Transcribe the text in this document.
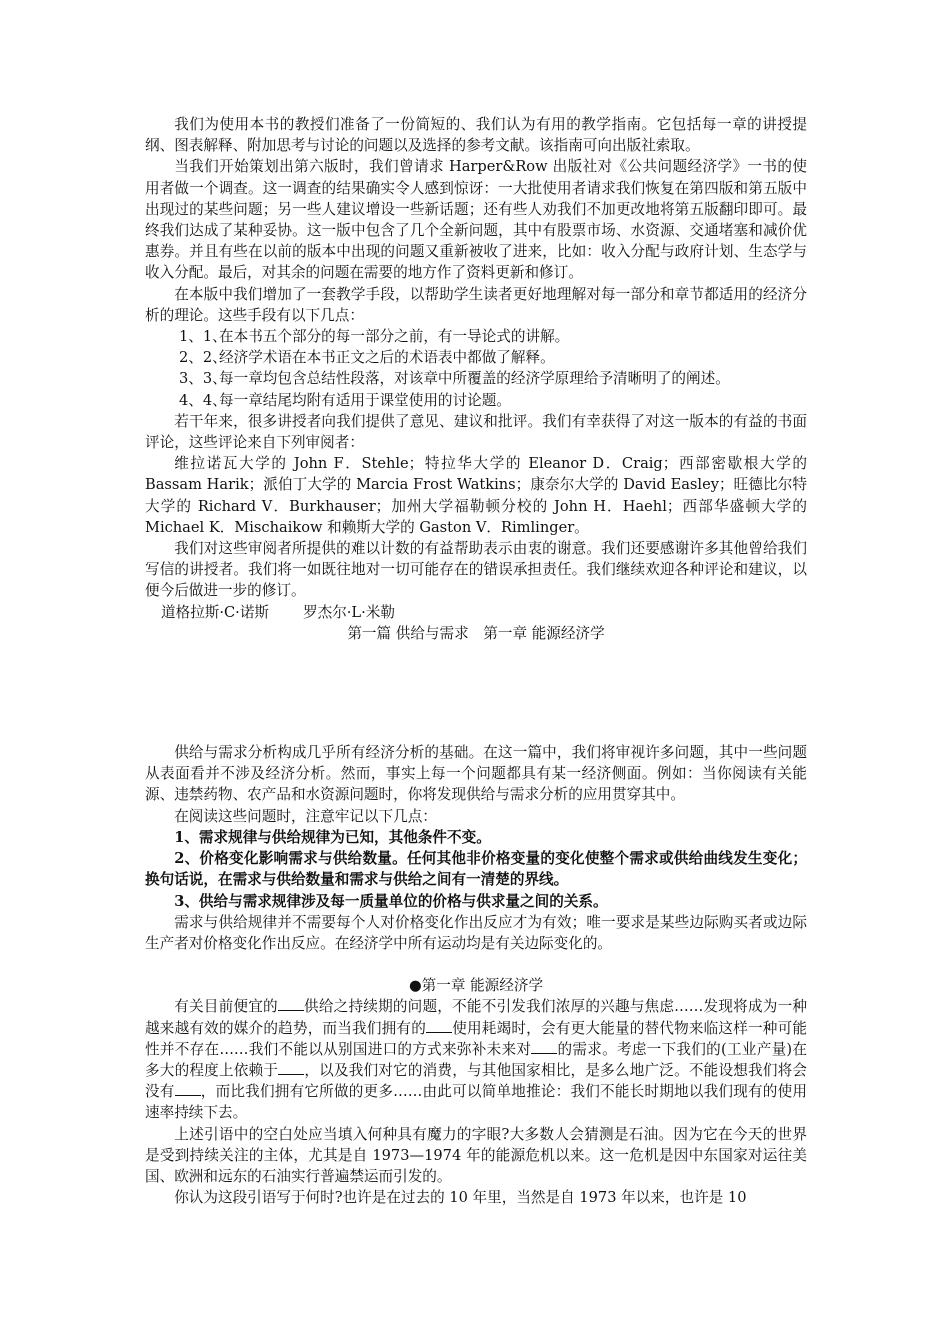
我们为使用本书的教授们准备了一份简短的、我们认为有用的教学指南。它包括每一章的讲授提纲、图表解释、附加思考与讨论的问题以及选择的参考文献。该指南可向出版社索取。

当我们开始策划出第六版时，我们曾请求 Harper&Row 出版社对《公共问题经济学》一书的使用者做一个调查。这一调查的结果确实令人感到惊讶：一大批使用者请求我们恢复在第四版和第五版中出现过的某些问题；另一些人建议增设一些新话题；还有些人劝我们不加更改地将第五版翻印即可。最终我们达成了某种妥协。这一版中包含了几个全新问题，其中有股票市场、水资源、交通堵塞和减价优惠券。并且有些在以前的版本中出现的问题又重新被收了进来，比如：收入分配与政府计划、生态学与收入分配。最后，对其余的问题在需要的地方作了资料更新和修订。

在本版中我们增加了一套教学手段，以帮助学生读者更好地理解对每一部分和章节都适用的经济分析的理论。这些手段有以下几点：

1、1、
在本书五个部分的每一部分之前，有一导论式的讲解。
2、2、
经济学术语在本书正文之后的术语表中都做了解释。
3、3、
每一章均包含总结性段落，对该章中所覆盖的经济学原理给予清晰明了的阐述。
4、4、
每一章结尾均附有适用于课堂使用的讨论题。

若干年来，很多讲授者向我们提供了意见、建议和批评。我们有幸获得了对这一版本的有益的书面评论，这些评论来自下列审阅者：

维拉诺瓦大学的 John F．Stehle；特拉华大学的 Eleanor D．Craig；西部密歇根大学的 Bassam Harik；派伯丁大学的 Marcia Frost Watkins；康奈尔大学的 David Easley；旺德比尔特大学的 Richard V．Burkhauser；加州大学福勒顿分校的 John H．Haehl；西部华盛顿大学的 Michael K．Mischaikow 和赖斯大学的 Gaston V．Rimlinger。

我们对这些审阅者所提供的难以计数的有益帮助表示由衷的谢意。我们还要感谢许多其他曾给我们写信的讲授者。我们将一如既往地对一切可能存在的错误承担责任。我们继续欢迎各种评论和建议，以便今后做进一步的修订。

道格拉斯·C·诺斯 罗杰尔·L·米勒

第一篇 供给与需求　第一章 能源经济学

供给与需求分析构成几乎所有经济分析的基础。在这一篇中，我们将审视许多问题，其中一些问题从表面看并不涉及经济分析。然而，事实上每一个问题都具有某一经济侧面。例如：当你阅读有关能源、违禁药物、农产品和水资源问题时，你将发现供给与需求分析的应用贯穿其中。

在阅读这些问题时，注意牢记以下几点：

1、需求规律与供给规律为已知，其他条件不变。

2、价格变化影响需求与供给数量。任何其他非价格变量的变化使整个需求或供给曲线发生变化；换句话说，在需求与供给数量和需求与供给之间有一清楚的界线。

3、供给与需求规律涉及每一质量单位的价格与供求量之间的关系。

需求与供给规律并不需要每个人对价格变化作出反应才为有效；唯一要求是某些边际购买者或边际生产者对价格变化作出反应。在经济学中所有运动均是有关边际变化的。

●第一章 能源经济学

有关目前便宜的 供给之持续期的问题，不能不引发我们浓厚的兴趣与焦虑……发现将成为一种越来越有效的媒介的趋势，而当我们拥有的 使用耗竭时，会有更大能量的替代物来临这样一种可能性并不存在……我们不能以从别国进口的方式来弥补未来对 的需求。考虑一下我们的(工业产量)在多大的程度上依赖于 ，以及我们对它的消费，与其他国家相比，是多么地广泛。不能设想我们将会没有 ，而比我们拥有它所做的更多……由此可以简单地推论：我们不能长时期地以我们现有的使用速率持续下去。

上述引语中的空白处应当填入何种具有魔力的字眼?大多数人会猜测是石油。因为它在今天的世界是受到持续关注的主体，尤其是自 1973—1974 年的能源危机以来。这一危机是因中东国家对运往美国、欧洲和远东的石油实行普遍禁运而引发的。

你认为这段引语写于何时?也许是在过去的 10 年里，当然是自 1973 年以来，也许是 10
